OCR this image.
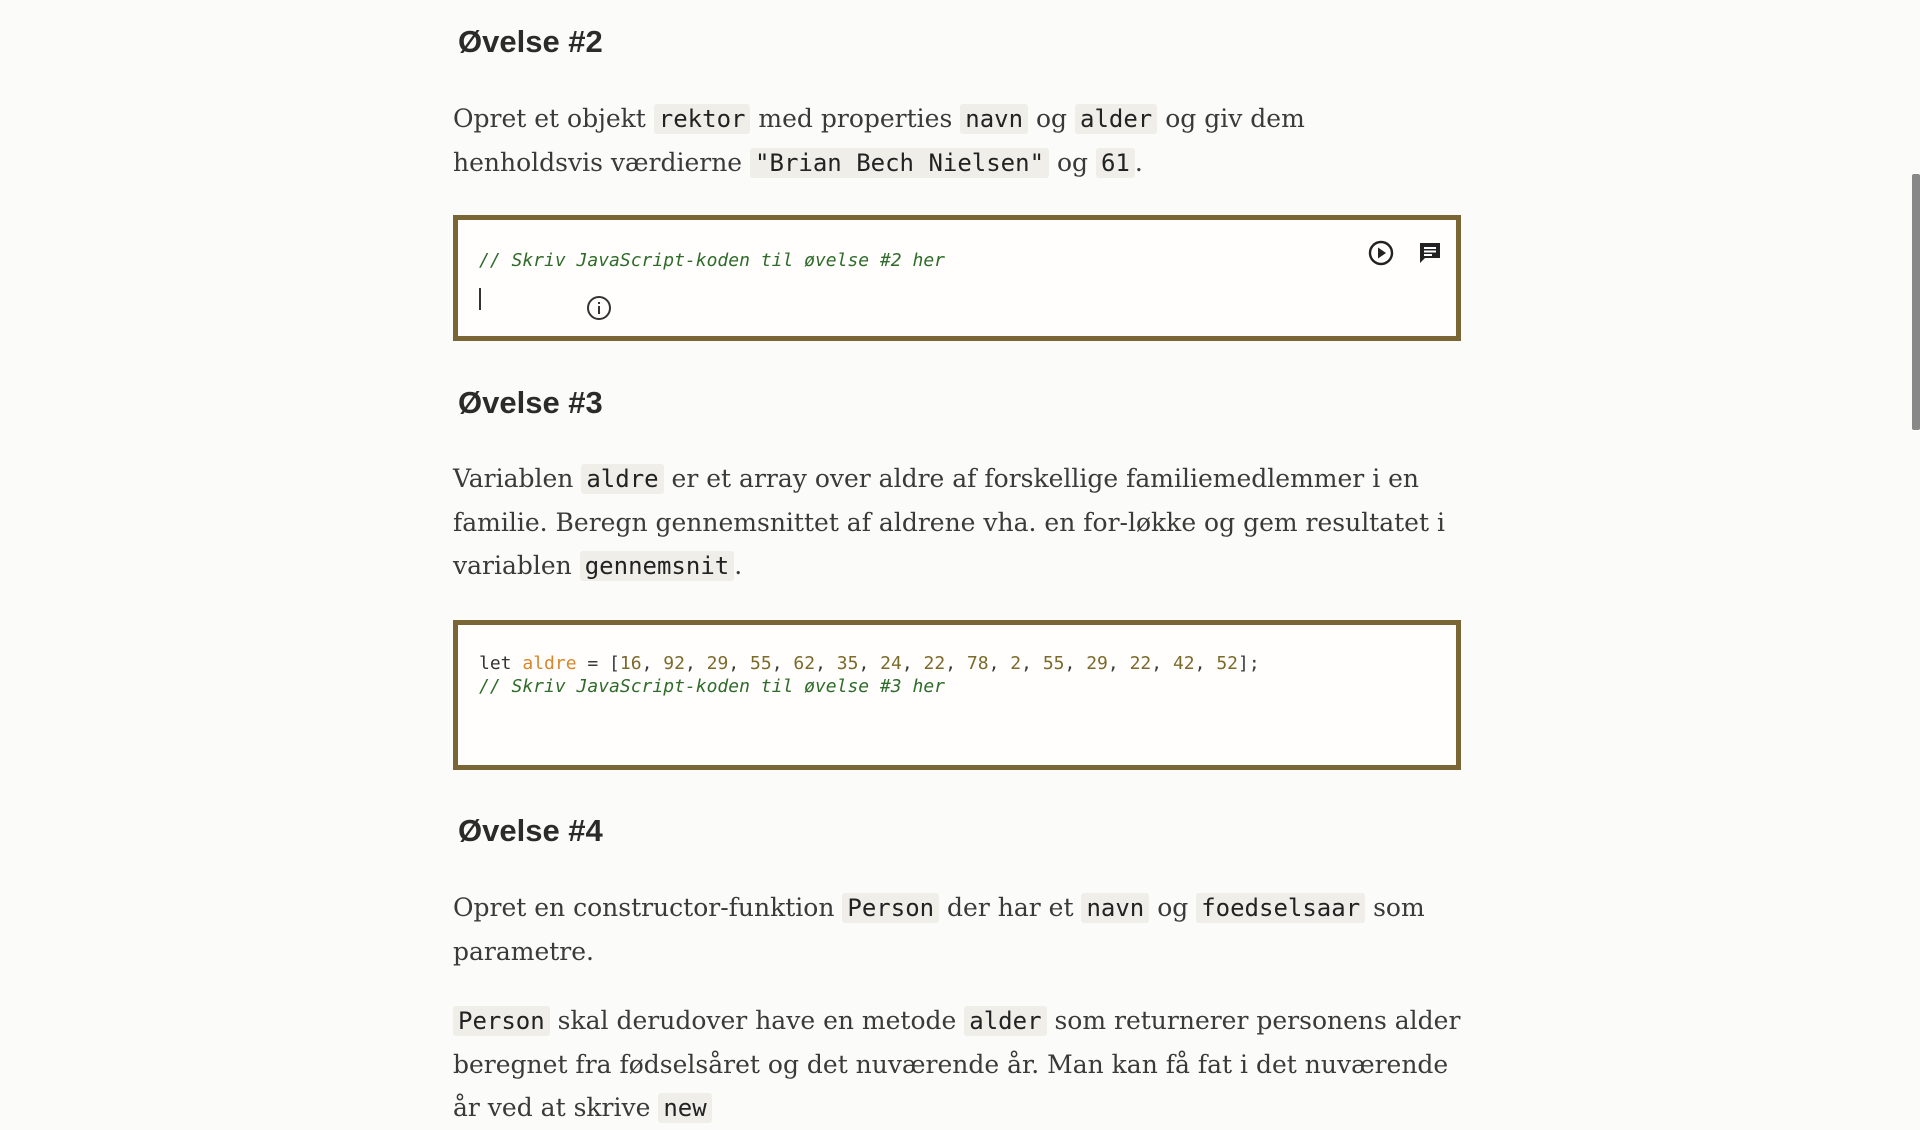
Øvelse #2

Opret et objekt rektor med properties navn og alder og giv dem henholdsvis værdierne "Brian Bech Nielsen" og 61 .

// Skriv JavaScript-koden til øvelse #2 her
Øvelse #3

Variablen aldre er et array over aldre af forskellige familiemedlemmer i en familie. Beregn gennemsnittet af aldrene vha. en for-løkke og gem resultatet i variablen gennemsnit .

let aldre = [16, 92, 29, 55, 62, 35, 24, 22, 78, 2, 55, 29, 22, 42, 52];
// Skriv JavaScript-koden til øvelse #3 her
Øvelse #4

Opret en constructor-funktion Person der har et navn og foedselsaar som parametre.

Person skal derudover have en metode alder som returnerer personens alder beregnet fra fødselsåret og det nuværende år. Man kan få fat i det nuværende år ved at skrive new
